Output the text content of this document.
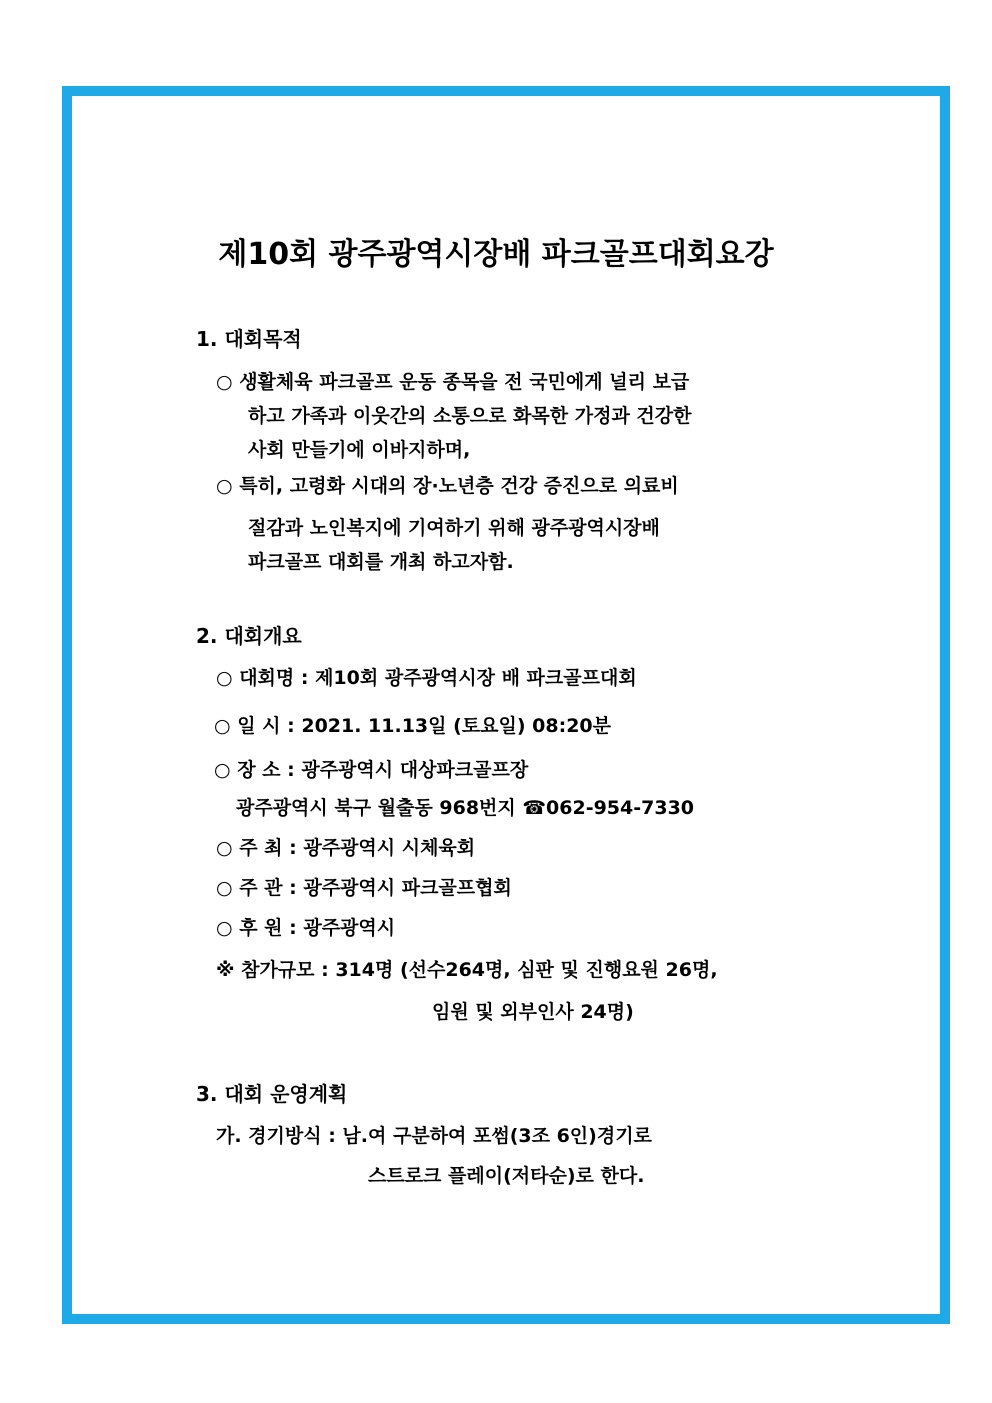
제10회 광주광역시장배 파크골프대회요강
1. 대회목적
○ 생활체육 파크골프 운동 종목을 전 국민에게 널리 보급
하고 가족과 이웃간의 소통으로 화목한 가정과 건강한
사회 만들기에 이바지하며,
○ 특히, 고령화 시대의 장·노년층 건강 증진으로 의료비
절감과 노인복지에 기여하기 위해 광주광역시장배
파크골프 대회를 개최 하고자함.
2. 대회개요
○ 대회명 : 제10회 광주광역시장 배 파크골프대회
○ 일 시 : 2021. 11.13일 (토요일) 08:20분
○ 장 소 : 광주광역시 대상파크골프장
광주광역시 북구 월출동 968번지 ☎062-954-7330
○ 주 최 : 광주광역시 시체육회
○ 주 관 : 광주광역시 파크골프협회
○ 후 원 : 광주광역시
※ 참가규모 : 314명 (선수264명, 심판 및 진행요원 26명,
임원 및 외부인사 24명)
3. 대회 운영계획
가. 경기방식 : 남.여 구분하여 포썸(3조 6인)경기로
스트로크 플레이(저타순)로 한다.
